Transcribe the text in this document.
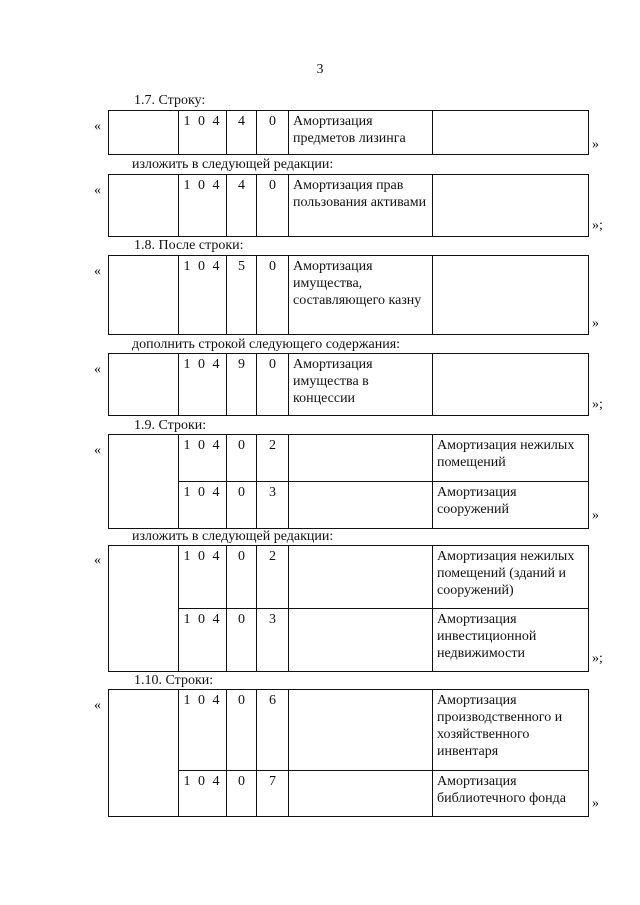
3
1.7. Строку:
«
		1 0 4	4	0	Амортизация предметов лизинга		»
изложить в следующей редакции:
«
		1 0 4	4	0	Амортизация прав пользования активами	
»;
1.8. После строки:
«
		1 0 4	5	0	Амортизация имущества, составляющего казну	
»
дополнить строкой следующего содержания:
«
		1 0 4	9	0	Амортизация имущества в концессии		»;
1.9. Строки:
«
		1 0 4	0	2		Амортизация нежилых помещений
	1 0 4	0	3		Амортизация сооружений	»
изложить в следующей редакции:
«
		1 0 4	0	2		Амортизация нежилых помещений (зданий и сооружений)
	1 0 4	0	3		Амортизация инвестиционной недвижимости	»;
1.10. Строки:
«
		1 0 4	0	6		Амортизация производственного и хозяйственного инвентаря
	1 0 4	0	7		Амортизация библиотечного фонда »
